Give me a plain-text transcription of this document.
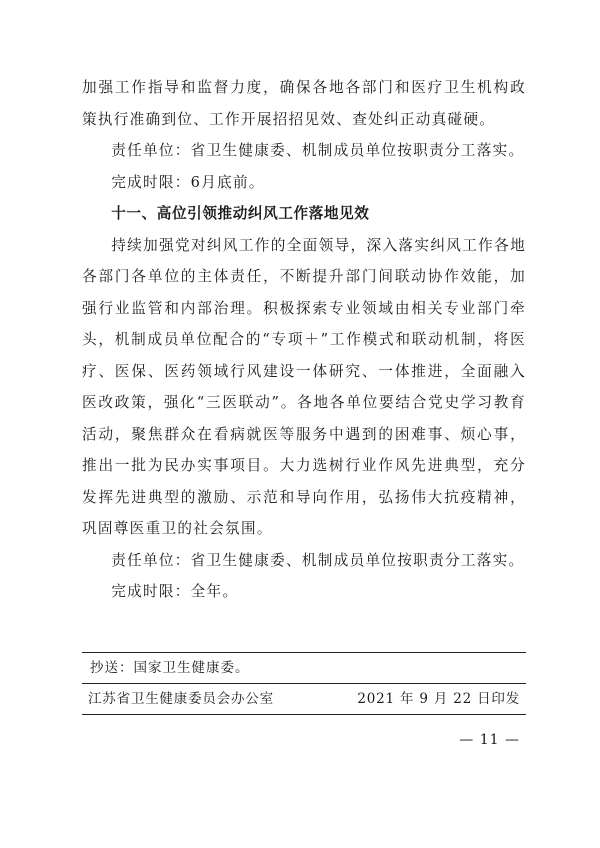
加强工作指导和监督力度，确保各地各部门和医疗卫生机构政策执行准确到位、工作开展招招见效、查处纠正动真碰硬。

责任单位：省卫生健康委、机制成员单位按职责分工落实。

完成时限：6月底前。

十一、高位引领推动纠风工作落地见效

持续加强党对纠风工作的全面领导，深入落实纠风工作各地各部门各单位的主体责任，不断提升部门间联动协作效能，加强行业监管和内部治理。积极探索专业领域由相关专业部门牵头，机制成员单位配合的“专项＋”工作模式和联动机制，将医疗、医保、医药领域行风建设一体研究、一体推进，全面融入医改政策，强化“三医联动”。各地各单位要结合党史学习教育活动，聚焦群众在看病就医等服务中遇到的困难事、烦心事，推出一批为民办实事项目。大力选树行业作风先进典型，充分发挥先进典型的激励、示范和导向作用，弘扬伟大抗疫精神，巩固尊医重卫的社会氛围。

责任单位：省卫生健康委、机制成员单位按职责分工落实。

完成时限：全年。

抄送：国家卫生健康委。
江苏省卫生健康委员会办公室	2021 年 9 月 22 日印发
— 11 —
